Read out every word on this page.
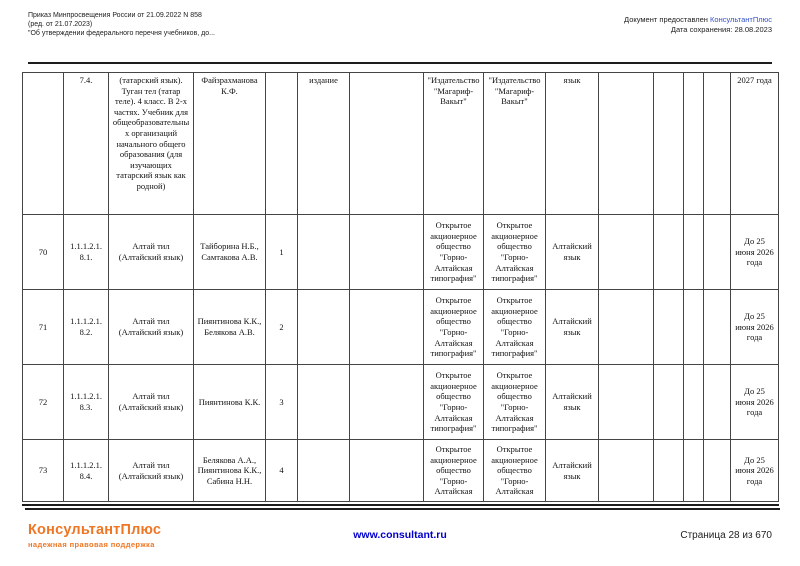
Приказ Минпросвещения России от 21.09.2022 N 858
(ред. от 21.07.2023)
"Об утверждении федерального перечня учебников, до...
Документ предоставлен КонсультантПлюс
Дата сохранения: 28.08.2023
	7.4.	(татарский язык). Туган тел (татар теле). 4 класс. В 2-х частях. Учебник для общеобразовательных организаций начального общего образования (для изучающих татарский язык как родной)	Файзрахманова К.Ф.		издание		"Издательство "Магариф-Вакыт"	"Издательство "Магариф-Вакыт"	язык					2027 года
70	1.1.1.2.1.8.1.	Алтай тил (Алтайский язык)	Тайборина Н.Б., Самтакова А.В.	1			Открытое акционерное общество "Горно-Алтайская типография"	Открытое акционерное общество "Горно-Алтайская типография"	Алтайский язык					До 25 июня 2026 года
71	1.1.1.2.1.8.2.	Алтай тил (Алтайский язык)	Пиянтинова К.К., Белякова А.В.	2			Открытое акционерное общество "Горно-Алтайская типография"	Открытое акционерное общество "Горно-Алтайская типография"	Алтайский язык					До 25 июня 2026 года
72	1.1.1.2.1.8.3.	Алтай тил (Алтайский язык)	Пиянтинова К.К.	3			Открытое акционерное общество "Горно-Алтайская типография"	Открытое акционерное общество "Горно-Алтайская типография"	Алтайский язык					До 25 июня 2026 года
73	1.1.1.2.1.8.4.	Алтай тил (Алтайский язык)	Белякова А.А., Пиянтинова К.К., Сабина Н.Н.	4			Открытое акционерное общество "Горно-Алтайская	Открытое акционерное общество "Горно-Алтайская	Алтайский язык					До 25 июня 2026 года
КонсультантПлюс
надежная правовая поддержка
www.consultant.ru	Страница 28 из 670
